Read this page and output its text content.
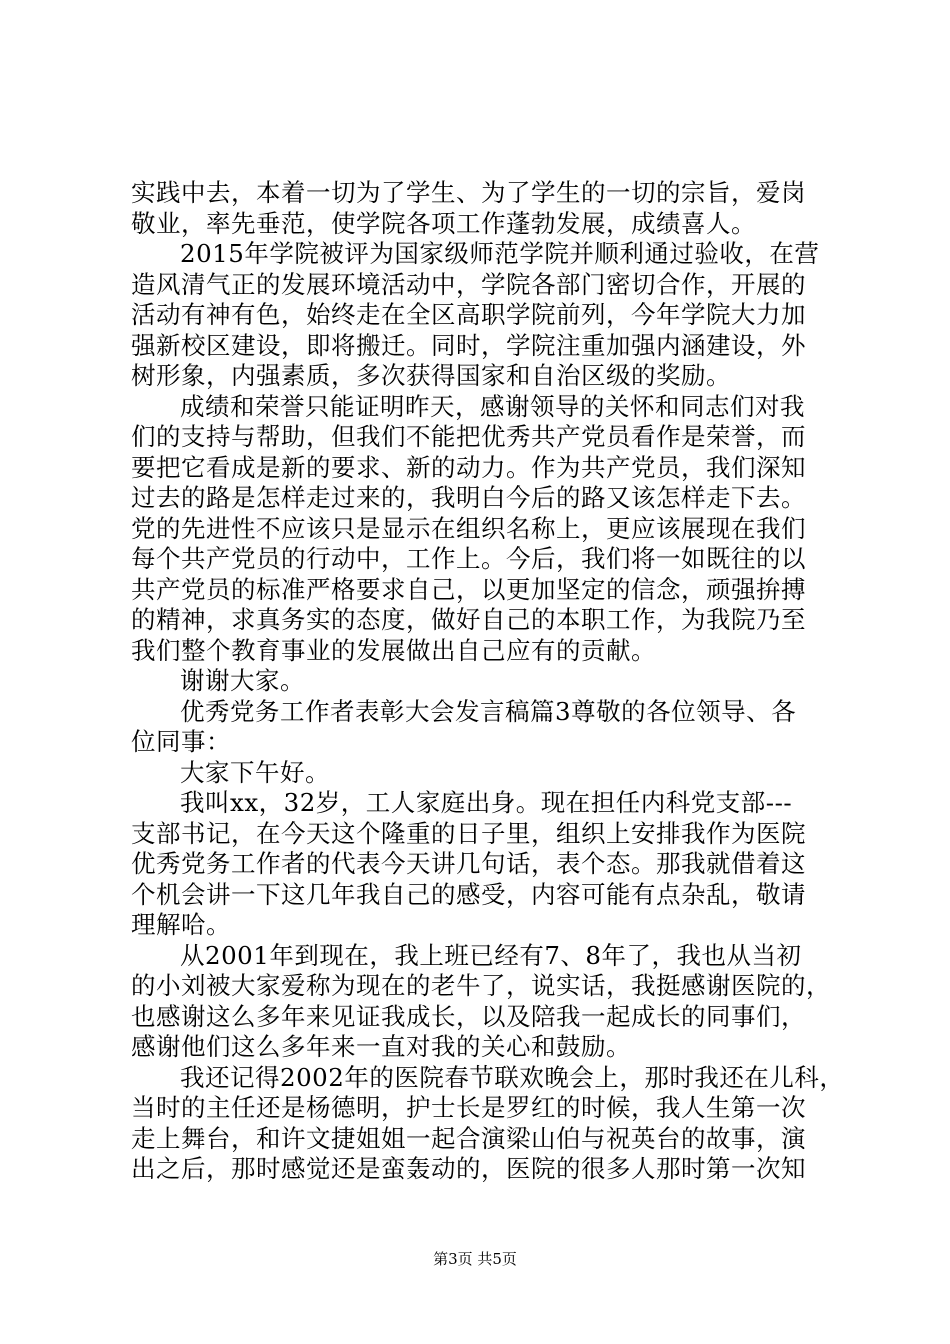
实践中去，本着一切为了学生、为了学生的一切的宗旨，爱岗
敬业，率先垂范，使学院各项工作蓬勃发展，成绩喜人。
2015年学院被评为国家级师范学院并顺利通过验收，在营
造风清气正的发展环境活动中，学院各部门密切合作，开展的
活动有神有色，始终走在全区高职学院前列，今年学院大力加
强新校区建设，即将搬迁。同时，学院注重加强内涵建设，外
树形象，内强素质，多次获得国家和自治区级的奖励。
成绩和荣誉只能证明昨天，感谢领导的关怀和同志们对我
们的支持与帮助，但我们不能把优秀共产党员看作是荣誉，而
要把它看成是新的要求、新的动力。作为共产党员，我们深知
过去的路是怎样走过来的，我明白今后的路又该怎样走下去。
党的先进性不应该只是显示在组织名称上，更应该展现在我们
每个共产党员的行动中，工作上。今后，我们将一如既往的以
共产党员的标准严格要求自己，以更加坚定的信念，顽强拚搏
的精神，求真务实的态度，做好自己的本职工作，为我院乃至
我们整个教育事业的发展做出自己应有的贡献。
谢谢大家。
优秀党务工作者表彰大会发言稿篇3尊敬的各位领导、各
位同事：
大家下午好。
我叫xx，32岁，工人家庭出身。现在担任内科党支部---
支部书记，在今天这个隆重的日子里，组织上安排我作为医院
优秀党务工作者的代表今天讲几句话，表个态。那我就借着这
个机会讲一下这几年我自己的感受，内容可能有点杂乱，敬请
理解哈。
从2001年到现在，我上班已经有7、8年了，我也从当初
的小刘被大家爱称为现在的老牛了，说实话，我挺感谢医院的，
也感谢这么多年来见证我成长，以及陪我一起成长的同事们，
感谢他们这么多年来一直对我的关心和鼓励。
我还记得2002年的医院春节联欢晚会上，那时我还在儿科，
当时的主任还是杨德明，护士长是罗红的时候，我人生第一次
走上舞台，和许文捷姐姐一起合演梁山伯与祝英台的故事，演
出之后，那时感觉还是蛮轰动的，医院的很多人那时第一次知
第3页 共5页
